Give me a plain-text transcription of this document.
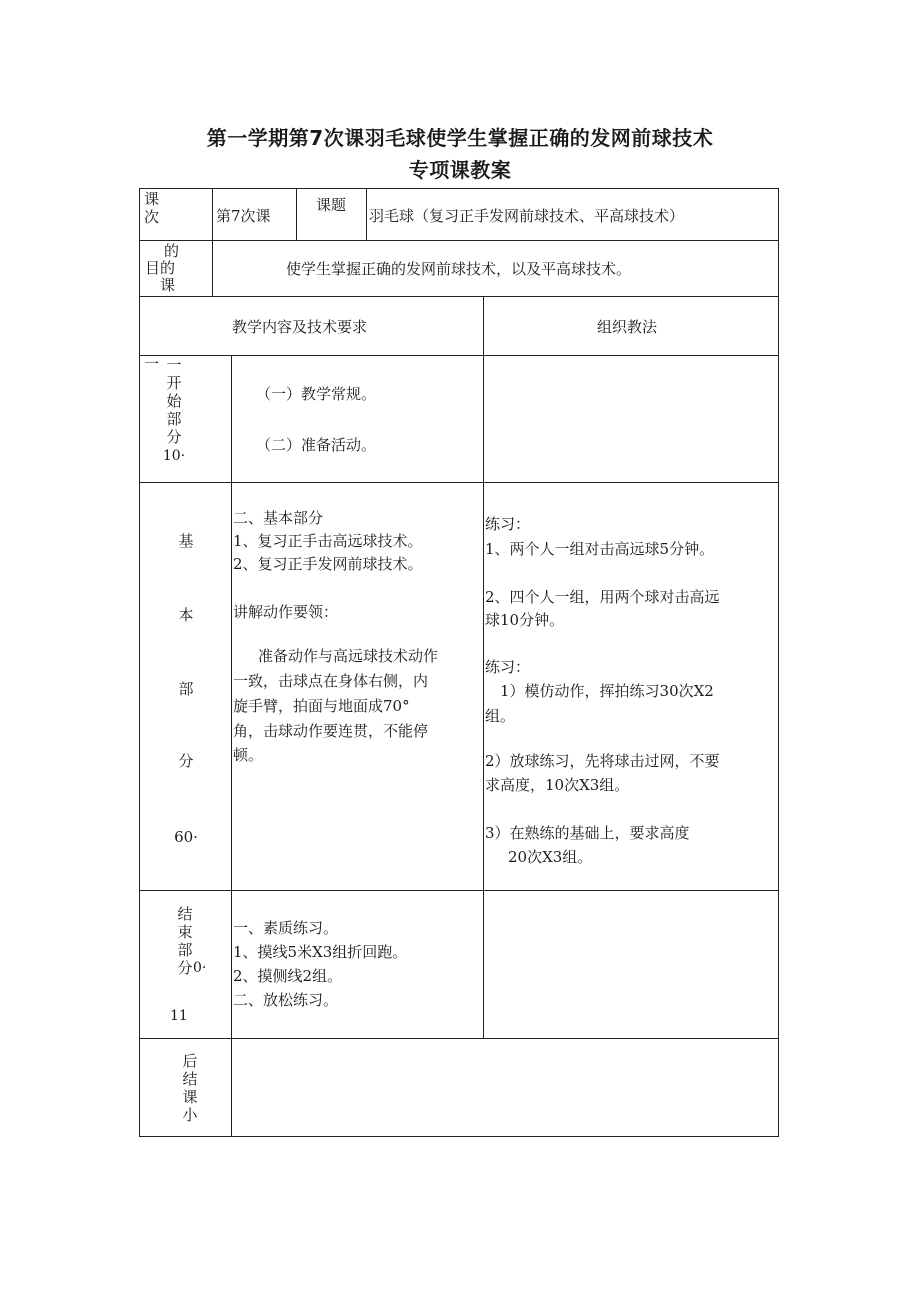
第一学期第7次课羽毛球使学生掌握正确的发网前球技术
专项课教案
课
次	第7次课
课题
羽毛球（复习正手发网前球技术、平高球技术）
的
目的
课
使学生掌握正确的发网前球技术，以及平高球技术。
教学内容及技术要求	组织教法
一 一
开
始
部
分
10·
（一）教学常规。
（二）准备活动。
基
本
部
分
60·
二、基本部分
1、复习正手击高远球技术。
2、复习正手发网前球技术。
讲解动作要领：
准备动作与高远球技术动作
一致，击球点在身体右侧，内
旋手臂，拍面与地面成70°
角，击球动作要连贯，不能停
顿。
练习：
1、两个人一组对击高远球5分钟。
2、四个人一组，用两个球对击高远
球10分钟。
练习：
1）模仿动作，挥拍练习30次X2
组。
2）放球练习，先将球击过网，不要
求高度，10次X3组。
3）在熟练的基础上，要求高度
20次X3组。
结
束
部
分 0·
11
一、素质练习。
1、摸线5米X3组折回跑。
2、摸侧线2组。
二、放松练习。
后
结
课
小
